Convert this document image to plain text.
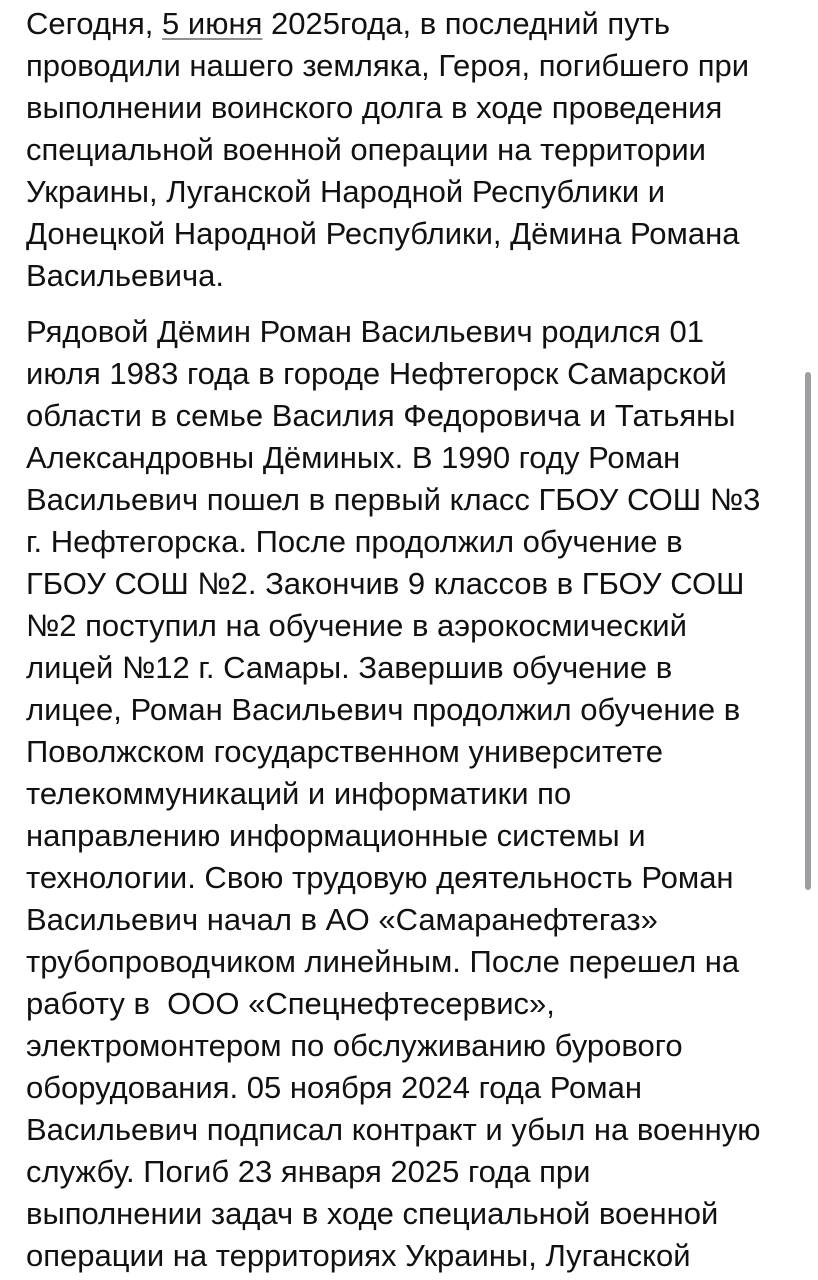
Сегодня, 5 июня 2025года, в последний путь
проводили нашего земляка, Героя, погибшего при
выполнении воинского долга в ходе проведения
специальной военной операции на территории
Украины, Луганской Народной Республики и
Донецкой Народной Республики, Дёмина Романа
Васильевича.

Рядовой Дёмин Роман Васильевич родился 01
июля 1983 года в городе Нефтегорск Самарской
области в семье Василия Федоровича и Татьяны
Александровны Дёминых. В 1990 году Роман
Васильевич пошел в первый класс ГБОУ СОШ №3
г. Нефтегорска. После продолжил обучение в
ГБОУ СОШ №2. Закончив 9 классов в ГБОУ СОШ
№2 поступил на обучение в аэрокосмический
лицей №12 г. Самары. Завершив обучение в
лицее, Роман Васильевич продолжил обучение в
Поволжском государственном университете
телекоммуникаций и информатики по
направлению информационные системы и
технологии. Свою трудовую деятельность Роман
Васильевич начал в АО «Самаранефтегаз»
трубопроводчиком линейным. После перешел на
работу в  ООО «Спецнефтесервис»,
электромонтером по обслуживанию бурового
оборудования. 05 ноября 2024 года Роман
Васильевич подписал контракт и убыл на военную
службу. Погиб 23 января 2025 года при
выполнении задач в ходе специальной военной
операции на территориях Украины, Луганской
